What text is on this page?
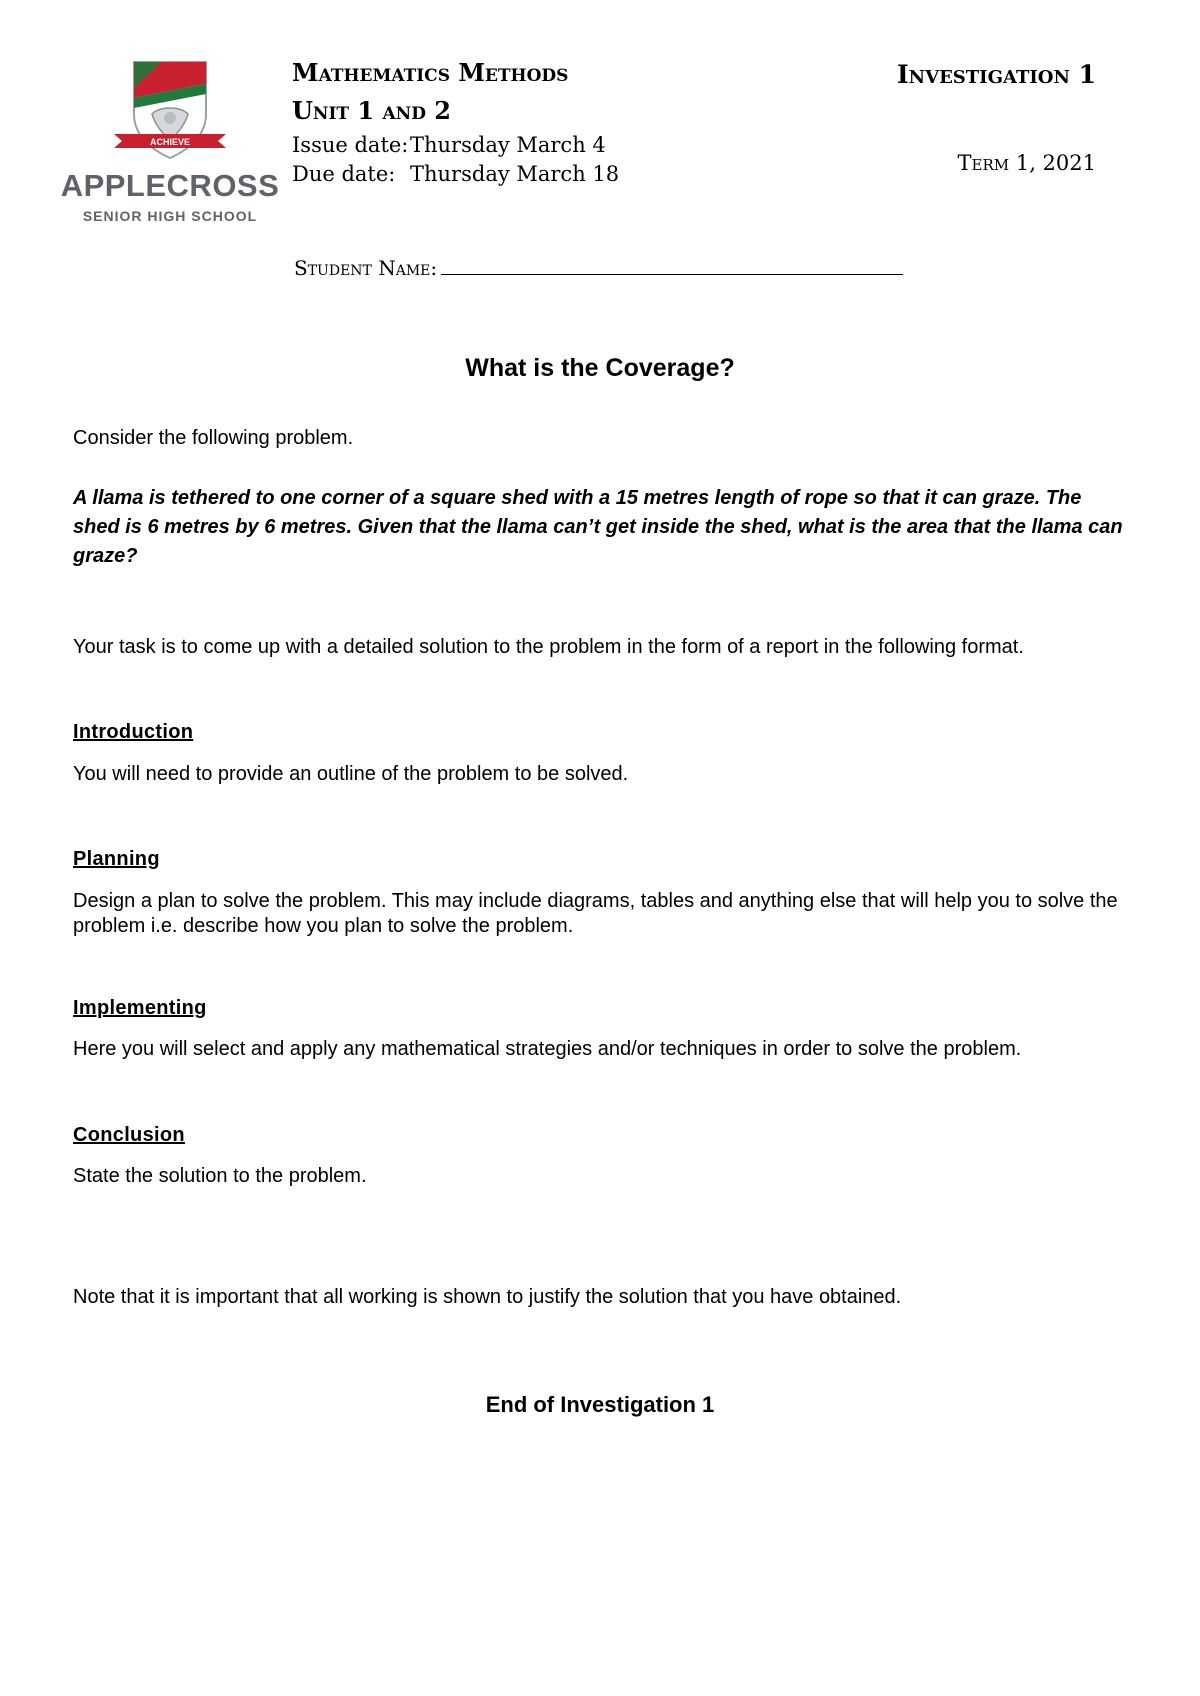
ACHIEVE
APPLECROSS
SENIOR HIGH SCHOOL
Mathematics Methods
Unit 1 and 2
Issue date:Thursday March 4
Due date: Thursday March 18
Investigation 1
Term 1, 2021
Student Name:
What is the Coverage?
Consider the following problem.
A llama is tethered to one corner of a square shed with a 15 metres length of rope so that it can graze. The shed is 6 metres by 6 metres. Given that the llama can’t get inside the shed, what is the area that the llama can graze?
Your task is to come up with a detailed solution to the problem in the form of a report in the following format.
Introduction
You will need to provide an outline of the problem to be solved.
Planning
Design a plan to solve the problem. This may include diagrams, tables and anything else that will help you to solve the problem i.e. describe how you plan to solve the problem.
Implementing
Here you will select and apply any mathematical strategies and/or techniques in order to solve the problem.
Conclusion
State the solution to the problem.
Note that it is important that all working is shown to justify the solution that you have obtained.
End of Investigation 1
